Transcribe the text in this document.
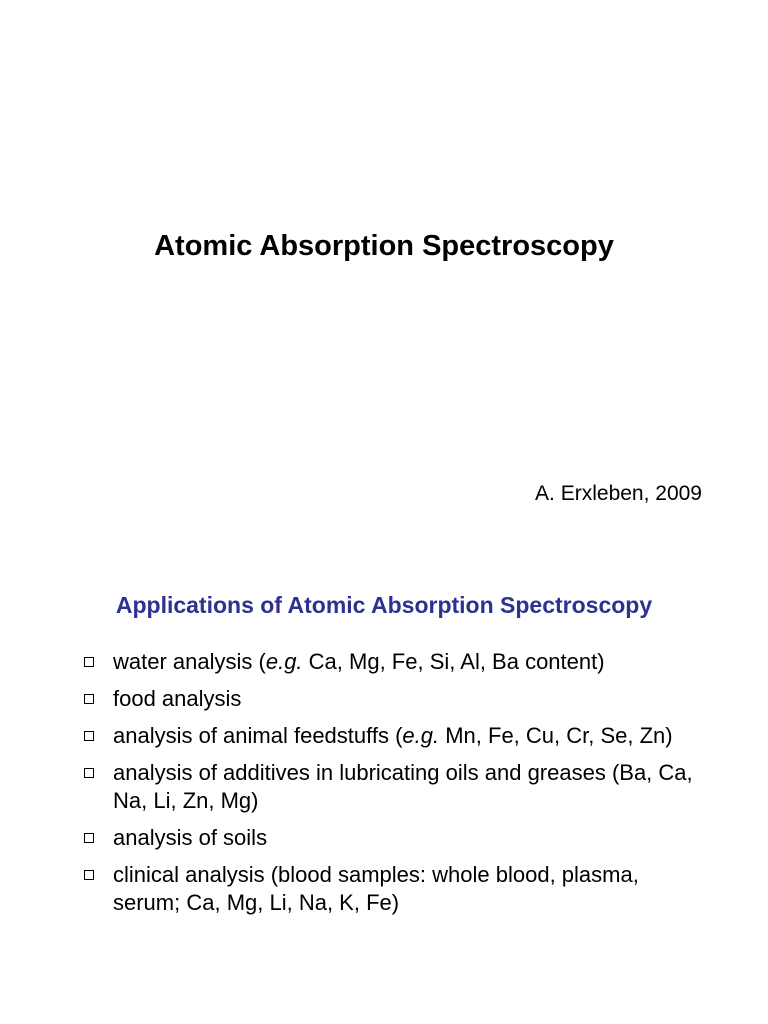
Atomic Absorption Spectroscopy

A. Erxleben, 2009

Applications of Atomic Absorption Spectroscopy
water analysis (e.g. Ca, Mg, Fe, Si, Al, Ba content)
food analysis
analysis of animal feedstuffs (e.g. Mn, Fe, Cu, Cr, Se, Zn)
analysis of additives in lubricating oils and greases (Ba, Ca, Na, Li, Zn, Mg)
analysis of soils
clinical analysis (blood samples: whole blood, plasma, serum; Ca, Mg, Li, Na, K, Fe)
